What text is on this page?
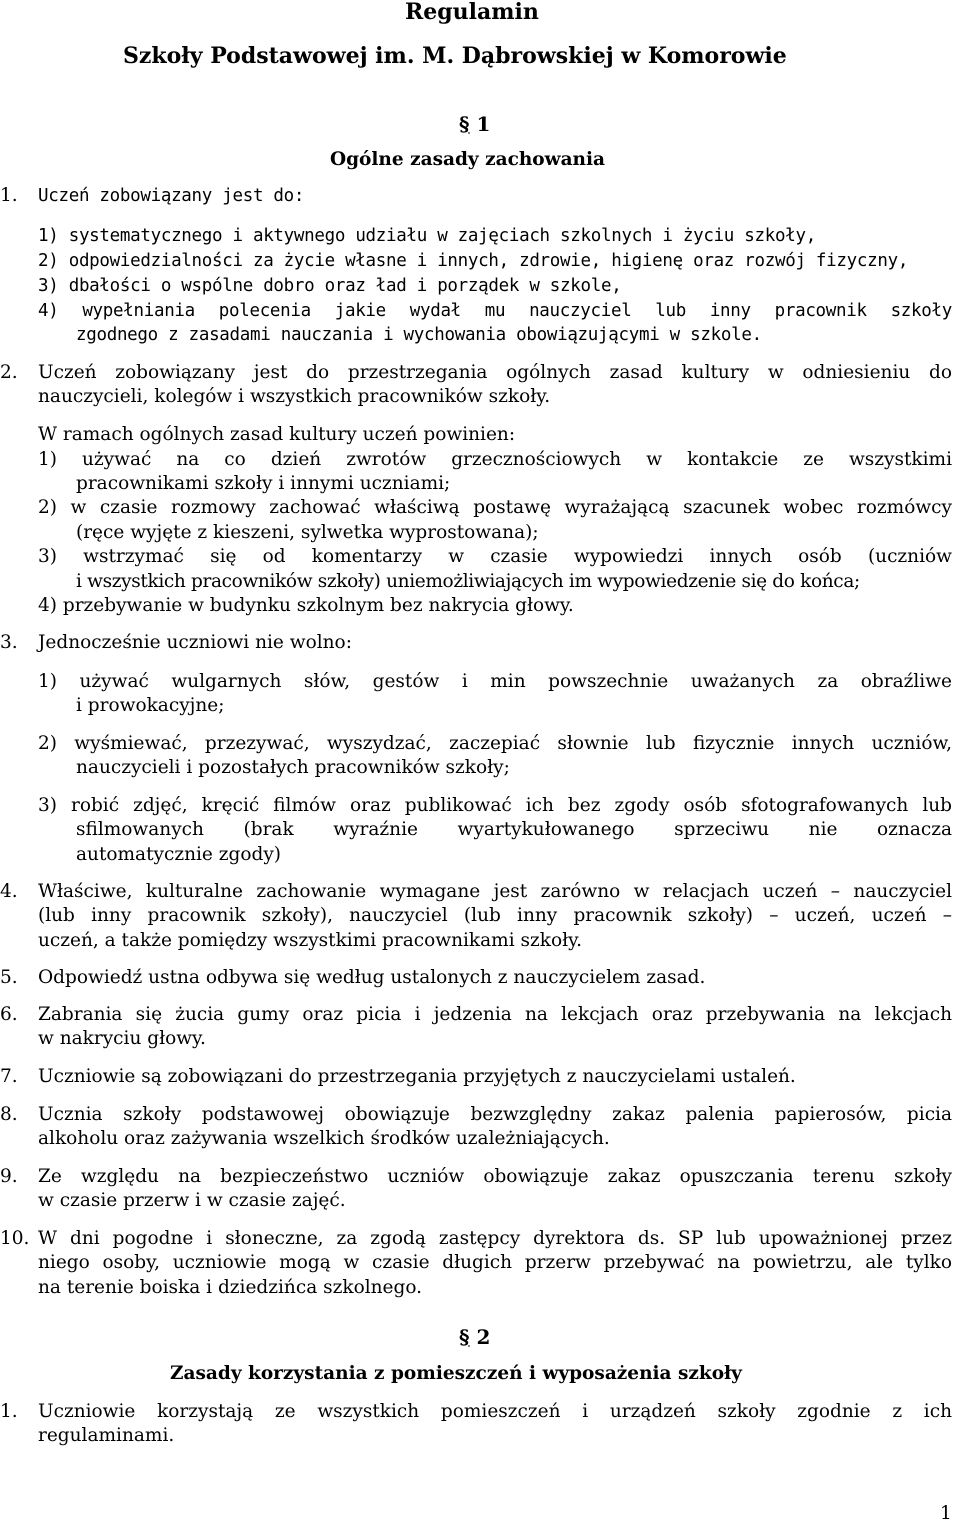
Regulamin
Szkoły Podstawowej im. M. Dąbrowskiej w Komorowie
§ 1
Ogólne zasady zachowania
1. Uczeń zobowiązany jest do:
1) systematycznego i aktywnego udziału w zajęciach szkolnych i życiu szkoły,
2) odpowiedzialności za życie własne i innych, zdrowie, higienę oraz rozwój fizyczny,
3) dbałości o wspólne dobro oraz ład i porządek w szkole,
4) wypełniania polecenia jakie wydał mu nauczyciel lub inny pracownik szkoły
zgodnego z zasadami nauczania i wychowania obowiązującymi w szkole.
2. Uczeń zobowiązany jest do przestrzegania ogólnych zasad kultury w odniesieniu do
nauczycieli, kolegów i wszystkich pracowników szkoły.
W ramach ogólnych zasad kultury uczeń powinien:
1) używać na co dzień zwrotów grzecznościowych w kontakcie ze wszystkimi
pracownikami szkoły i innymi uczniami;
2) w czasie rozmowy zachować właściwą postawę wyrażającą szacunek wobec rozmówcy
(ręce wyjęte z kieszeni, sylwetka wyprostowana);
3) wstrzymać się od komentarzy w czasie wypowiedzi innych osób (uczniów
i wszystkich pracowników szkoły) uniemożliwiających im wypowiedzenie się do końca;
4) przebywanie w budynku szkolnym bez nakrycia głowy.
3. Jednocześnie uczniowi nie wolno:
1) używać wulgarnych słów, gestów i min powszechnie uważanych za obraźliwe
i prowokacyjne;
2) wyśmiewać, przezywać, wyszydzać, zaczepiać słownie lub fizycznie innych uczniów,
nauczycieli i pozostałych pracowników szkoły;
3) robić zdjęć, kręcić filmów oraz publikować ich bez zgody osób sfotografowanych lub
sfilmowanych (brak wyraźnie wyartykułowanego sprzeciwu nie oznacza
automatycznie zgody)
4. Właściwe, kulturalne zachowanie wymagane jest zarówno w relacjach uczeń – nauczyciel
(lub inny pracownik szkoły), nauczyciel (lub inny pracownik szkoły) – uczeń, uczeń –
uczeń, a także pomiędzy wszystkimi pracownikami szkoły.
5. Odpowiedź ustna odbywa się według ustalonych z nauczycielem zasad.
6. Zabrania się żucia gumy oraz picia i jedzenia na lekcjach oraz przebywania na lekcjach
w nakryciu głowy.
7. Uczniowie są zobowiązani do przestrzegania przyjętych z nauczycielami ustaleń.
8. Ucznia szkoły podstawowej obowiązuje bezwzględny zakaz palenia papierosów, picia
alkoholu oraz zażywania wszelkich środków uzależniających.
9. Ze względu na bezpieczeństwo uczniów obowiązuje zakaz opuszczania terenu szkoły
w czasie przerw i w czasie zajęć.
10. W dni pogodne i słoneczne, za zgodą zastępcy dyrektora ds. SP lub upoważnionej przez
niego osoby, uczniowie mogą w czasie długich przerw przebywać na powietrzu, ale tylko
na terenie boiska i dziedzińca szkolnego.
§ 2
Zasady korzystania z pomieszczeń i wyposażenia szkoły
1. Uczniowie korzystają ze wszystkich pomieszczeń i urządzeń szkoły zgodnie z ich
regulaminami.
1
